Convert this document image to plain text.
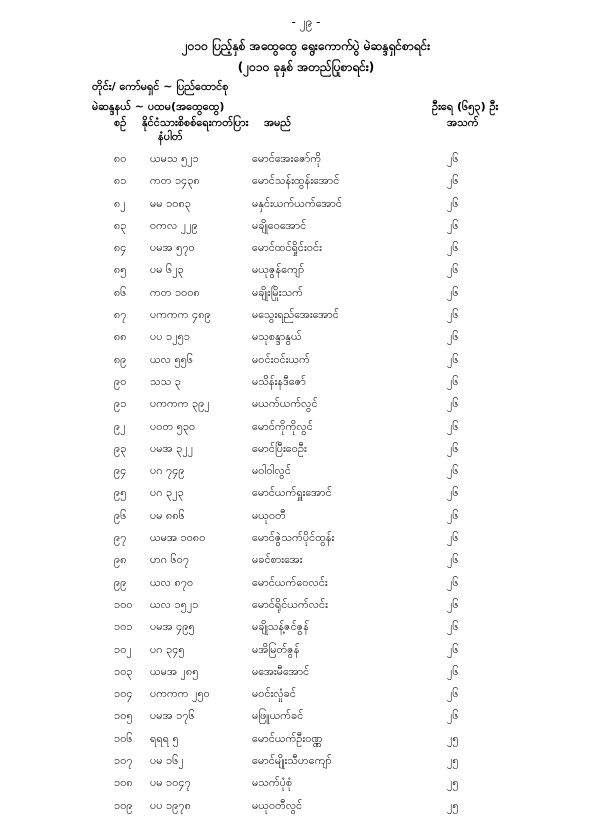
- ၂၉ -
၂၀၁၀ ပြည့်နှစ် အထွေထွေ ရွေးကောက်ပွဲ မဲဆန္ဒရှင်စာရင်း
(၂၀၁၀ ခုနှစ် အတည်ပြုစာရင်း)
တိုင်း/ ကော်မရှင် ~ ပြည်ထောင်စု
မဲဆန္ဒနယ် ~ ပထမ(အထွေထွေ)	ဦးရေ (၆၅၃) ဦး
စဉ် နိုင်ငံသားစိစစ်ရေးကတ်ပြား
နံပါတ်
အမည်	အသက်
၈၀ ယမသ ၅၂၁	မောင်အေးဇော်ကို	၂၆
၈၁ ကတ ၁၄၃၈	မောင်သန်းထွန်းအောင်	၂၆
၈၂ မမ ၁၀၈၃	မနှင်းယက်ယက်အောင်	၂၆
၈၃ ဝကလ ၂၂၉	မချိုဝေအောင်	၂၆
၈၄ ပမအ ၅၇၀	မောင်ထင်ရှိုင်းဝင်း	၂၆
၈၅ ပမ ၆၂၃	မယုဇွန်ကျော်	၂၆
၈၆ ကတ ၁၀၀၈	မချိုးမြိုးသက်	၂၆
၈၇ ပကကက ၄၈၉	မသွေးရည်အေးအောင်	၂၆
၈၈ ပပ ၁၂၅၁	မသုစန္ဒာနွယ်	၂၆
၈၉ ယလ ၅၅၆	မဝင်းဝင်းယက်	၂၆
၉၀ သသ ၃	မသိန်းနဒီဇော်	၂၆
၉၁ ပကကက ၃၉၂	မယက်ယက်လွင်	၂၆
၉၂ ပဝတ ၅၃၀	မောင်ကိုကိုလွင်	၂၆
၉၃ ပမအ ၃၂၂	မောင်ပြီးဝေဦး	၂၆
၉၄ ပဂ ၇၄၉	မဝါဝါလွင်	၂၆
၉၅ ပဂ ၃၂၃	မောင်ယက်ရှူးအောင်	၂၆
၉၆ ပမ ၈၈၆	မယုဝတီ	၂၆
၉၇ ယမအ ၁၀၈၀	မောင်ဇွဲသက်ပိုင်ထွန်း	၂၆
၉၈ ဟဂ ၆၀၇	မခင်စားအေး	၂၆
၉၉ ယလ ၈၇၀	မောင်ယက်ဝေလင်း	၂၆
၁၀၀ ယလ ၁၅၂၁	မောင်ရိုင်ယက်လင်း	၂၆
၁၀၁ ပမအ ၄၉၅	မချိုသန့်ဇင်ဇွန်	၂၆
၁၀၂ ပဂ ၃၄၅	မအိမြတ်ဇွန်	၂၆
၁၀၃ ယမအ ၂၈၅	မအေးမီအောင်	၂၆
၁၀၄ ပကကက ၂၅၀	မဝင်းလှုံခင်	၂၆
၁၀၅ ပမအ ၁၇၆	မဖြူယက်ခင်	၂၆
၁၀၆ ရရရ ၅	မောင်ယက်ဦးဝဏ္ဏ	၂၅
၁၀၇ ပမ ၁၆၂	မောင်မျိုးသီဟကျော်	၂၅
၁၀၈ ပမ ၁၀၄၇	မသက်ပုံစုံ	၂၅
၁၀၉ ပပ ၁၉၇၈	မယုဝတီလွင်	၂၅
